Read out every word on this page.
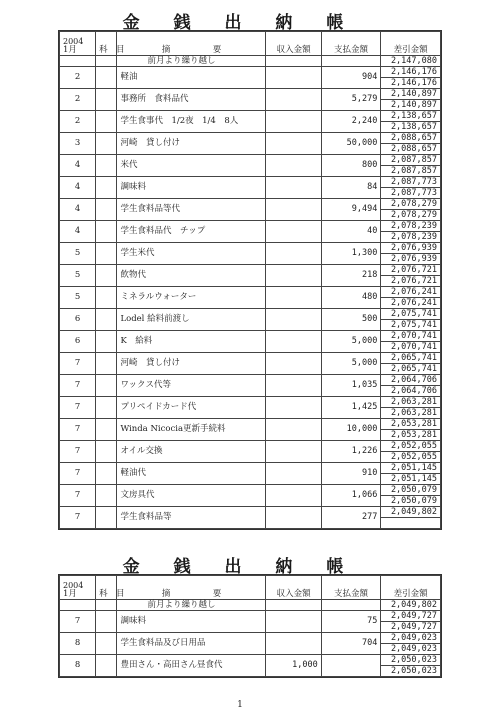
金 銭 出 納 帳
2004
1月	科　目	摘　　　　　要	収入金額	支払金額	差引金額
		前月より繰り越し			2,147,080
2		軽油		904	2,146,176
					2,146,176
2		事務所　食料品代		5,279	2,140,897
					2,140,897
2		学生食事代　1/2夜　1/4　8人		2,240	2,138,657
					2,138,657
3		河崎　貸し付け		50,000	2,088,657
					2,088,657
4		米代		800	2,087,857
					2,087,857
4		調味料		84	2,087,773
					2,087,773
4		学生食料品等代		9,494	2,078,279
					2,078,279
4		学生食料品代　チップ		40	2,078,239
					2,078,239
5		学生米代		1,300	2,076,939
					2,076,939
5		飲物代		218	2,076,721
					2,076,721
5		ミネラルウォーター		480	2,076,241
					2,076,241
6		Lodel 給料前渡し		500	2,075,741
					2,075,741
6		K　給料		5,000	2,070,741
					2,070,741
7		河崎　貸し付け		5,000	2,065,741
					2,065,741
7		ワックス代等		1,035	2,064,706
					2,064,706
7		プリペイドカード代		1,425	2,063,281
					2,063,281
7		Winda Nicocia更新手続料		10,000	2,053,281
					2,053,281
7		オイル交換		1,226	2,052,055
					2,052,055
7		軽油代		910	2,051,145
					2,051,145
7		文房具代		1,066	2,050,079
					2,050,079
7		学生食料品等		277	2,049,802

金 銭 出 納 帳
2004
1月	科　目	摘　　　　　要	収入金額	支払金額	差引金額
		前月より繰り越し			2,049,802
7		調味料		75	2,049,727
					2,049,727
8		学生食料品及び日用品		704	2,049,023
					2,049,023
8		豊田さん・高田さん昼食代	1,000		2,050,023
					2,050,023
1
